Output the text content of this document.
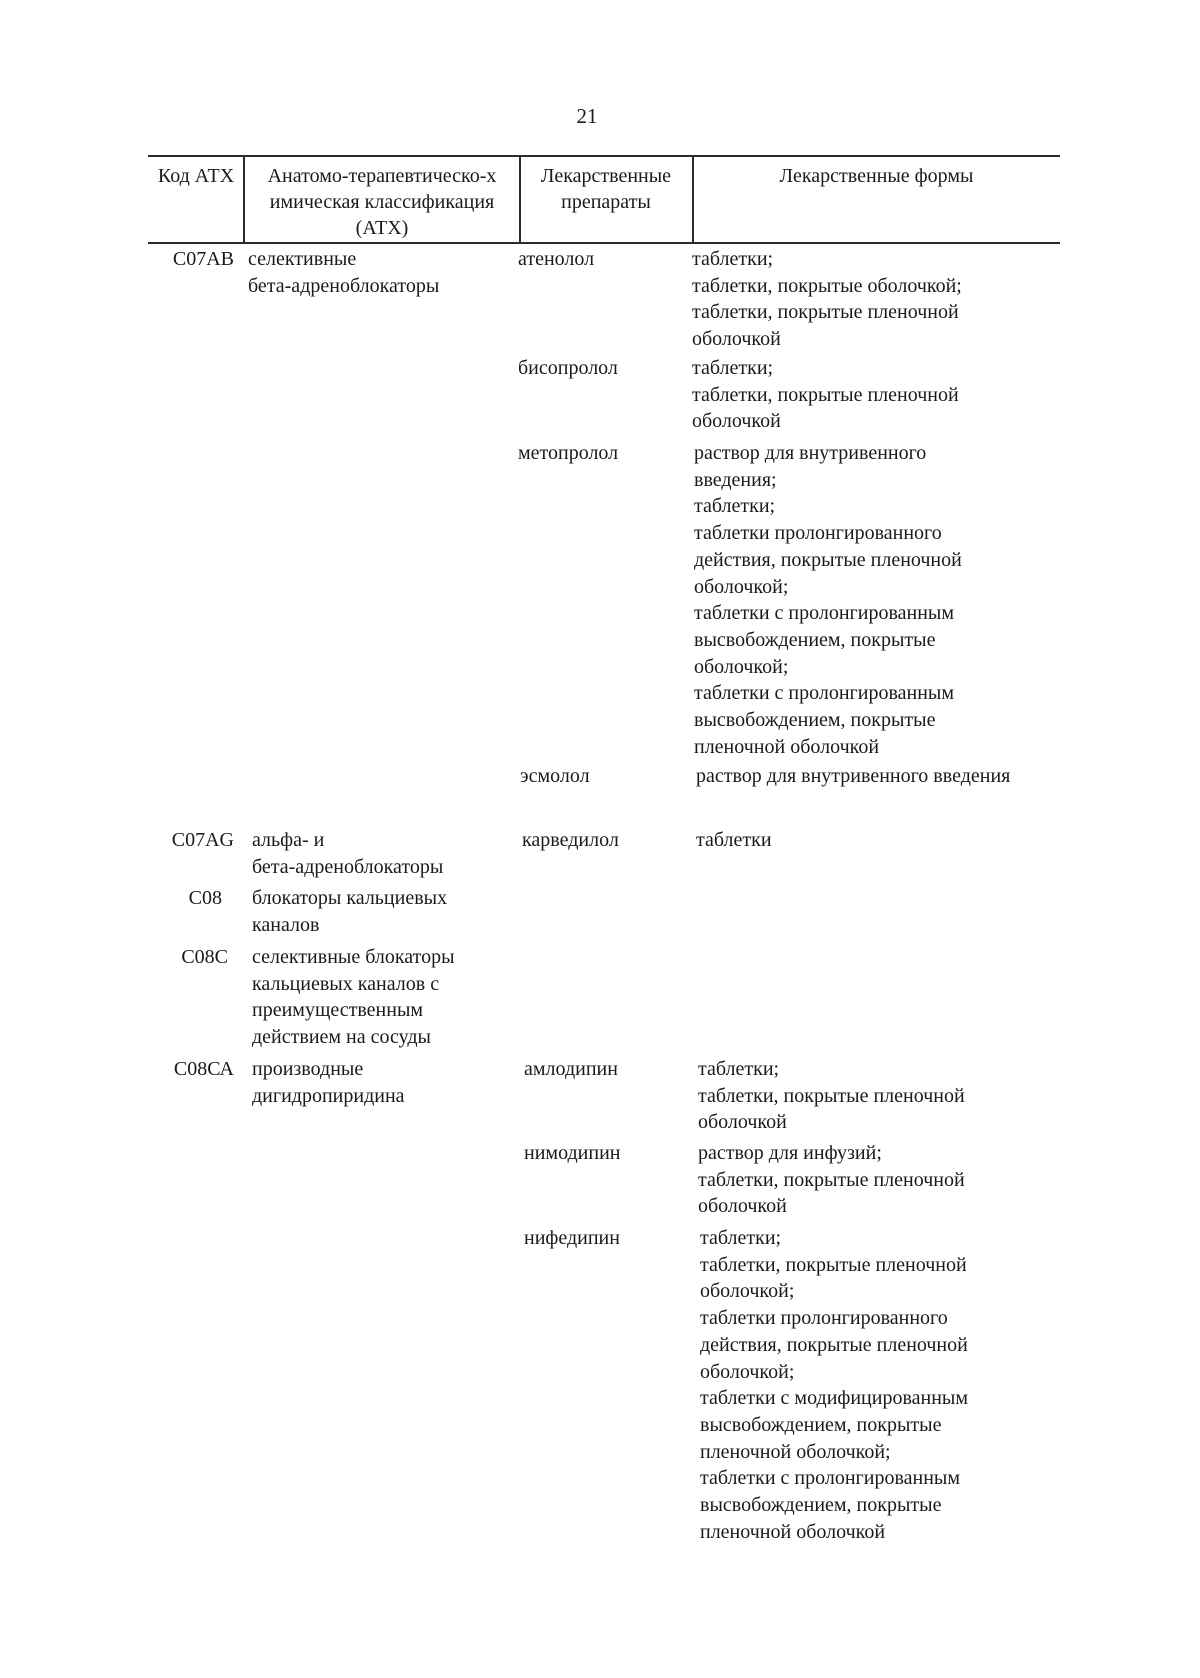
21
Код АТХ	Анатомо-терапевтическо-х
имическая классификация
(АТХ)
Лекарственные
препараты
Лекарственные формы
С07АВ
С07AG
С08
С08С
С08СА
селективные
бета-адреноблокаторы
альфа- и
бета-адреноблокаторы
блокаторы кальциевых
каналов
селективные блокаторы
кальциевых каналов с
преимущественным
действием на сосуды
производные
дигидропиридина
атенолол
бисопролол
метопролол
эсмолол
карведилол
амлодипин
нимодипин
нифедипин
таблетки;
таблетки, покрытые оболочкой;
таблетки, покрытые пленочной
оболочкой
таблетки;
таблетки, покрытые пленочной
оболочкой
раствор для внутривенного
введения;
таблетки;
таблетки пролонгированного
действия, покрытые пленочной
оболочкой;
таблетки с пролонгированным
высвобождением, покрытые
оболочкой;
таблетки с пролонгированным
высвобождением, покрытые
пленочной оболочкой
раствор для внутривенного введения
таблетки
таблетки;
таблетки, покрытые пленочной
оболочкой
раствор для инфузий;
таблетки, покрытые пленочной
оболочкой
таблетки;
таблетки, покрытые пленочной
оболочкой;
таблетки пролонгированного
действия, покрытые пленочной
оболочкой;
таблетки с модифицированным
высвобождением, покрытые
пленочной оболочкой;
таблетки с пролонгированным
высвобождением, покрытые
пленочной оболочкой
